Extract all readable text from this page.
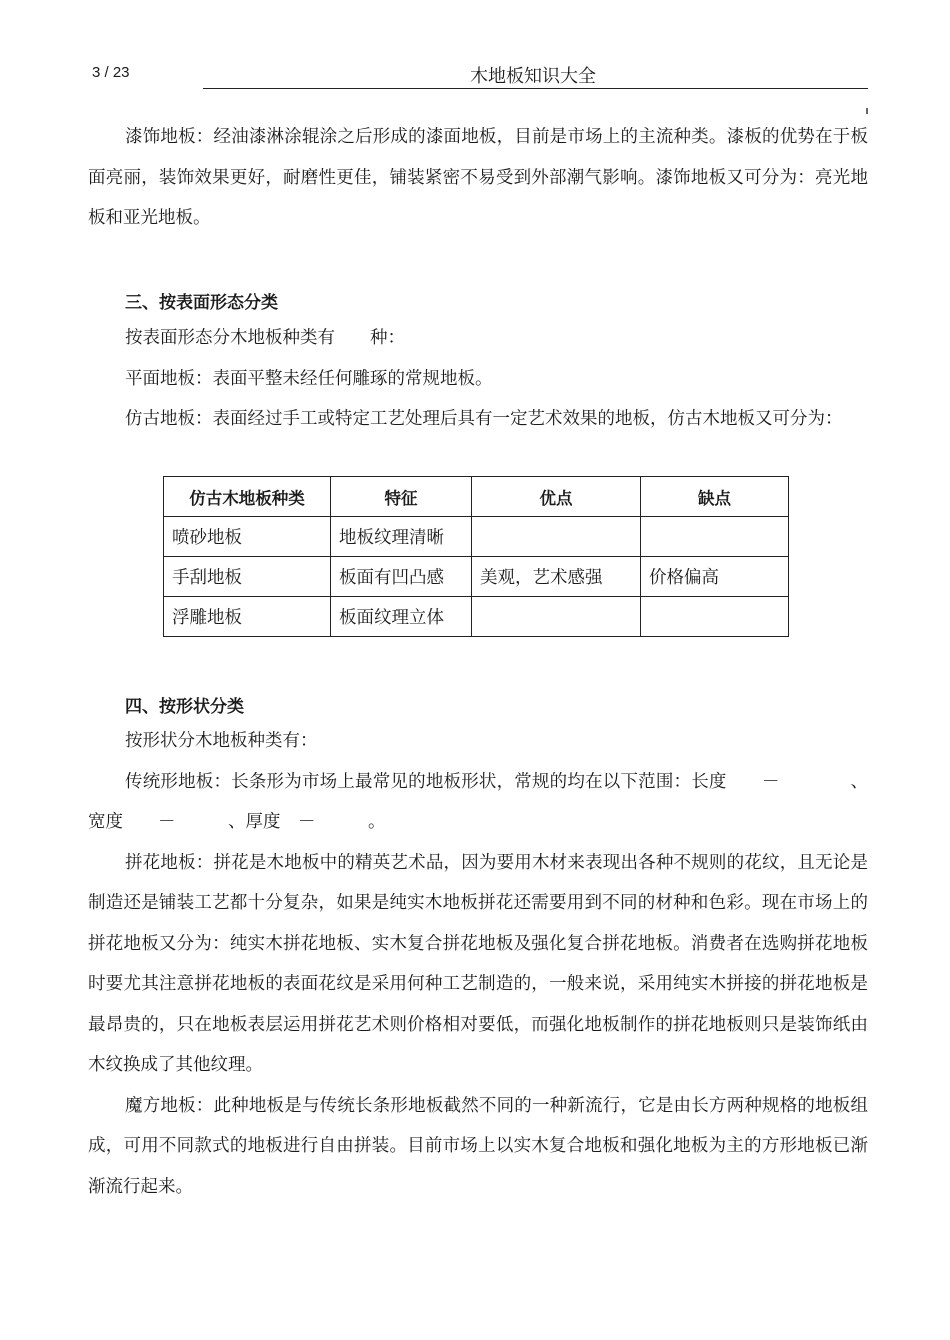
3 / 23	木地板知识大全

漆饰地板：经油漆淋涂辊涂之后形成的漆面地板，目前是市场上的主流种类。漆板的优势在于板面亮丽，装饰效果更好，耐磨性更佳，铺装紧密不易受到外部潮气影响。漆饰地板又可分为：亮光地板和亚光地板。

三、按表面形态分类

按表面形态分木地板种类有　　种：

平面地板：表面平整未经任何雕琢的常规地板。

仿古地板：表面经过手工或特定工艺处理后具有一定艺术效果的地板，仿古木地板又可分为：

仿古木地板种类	特征	优点	缺点
喷砂地板	地板纹理清晰		
手刮地板	板面有凹凸感	美观，艺术感强	价格偏高
浮雕地板	板面纹理立体		
四、按形状分类

按形状分木地板种类有：

传统形地板：长条形为市场上最常见的地板形状，常规的均在以下范围：长度　　－　　　　、宽度　　－　　　、厚度　－　　　。

拼花地板：拼花是木地板中的精英艺术品，因为要用木材来表现出各种不规则的花纹，且无论是制造还是铺装工艺都十分复杂，如果是纯实木地板拼花还需要用到不同的材种和色彩。现在市场上的拼花地板又分为：纯实木拼花地板、实木复合拼花地板及强化复合拼花地板。消费者在选购拼花地板时要尤其注意拼花地板的表面花纹是采用何种工艺制造的，一般来说，采用纯实木拼接的拼花地板是最昂贵的，只在地板表层运用拼花艺术则价格相对要低，而强化地板制作的拼花地板则只是装饰纸由木纹换成了其他纹理。

魔方地板：此种地板是与传统长条形地板截然不同的一种新流行，它是由长方两种规格的地板组成，可用不同款式的地板进行自由拼装。目前市场上以实木复合地板和强化地板为主的方形地板已渐渐流行起来。
